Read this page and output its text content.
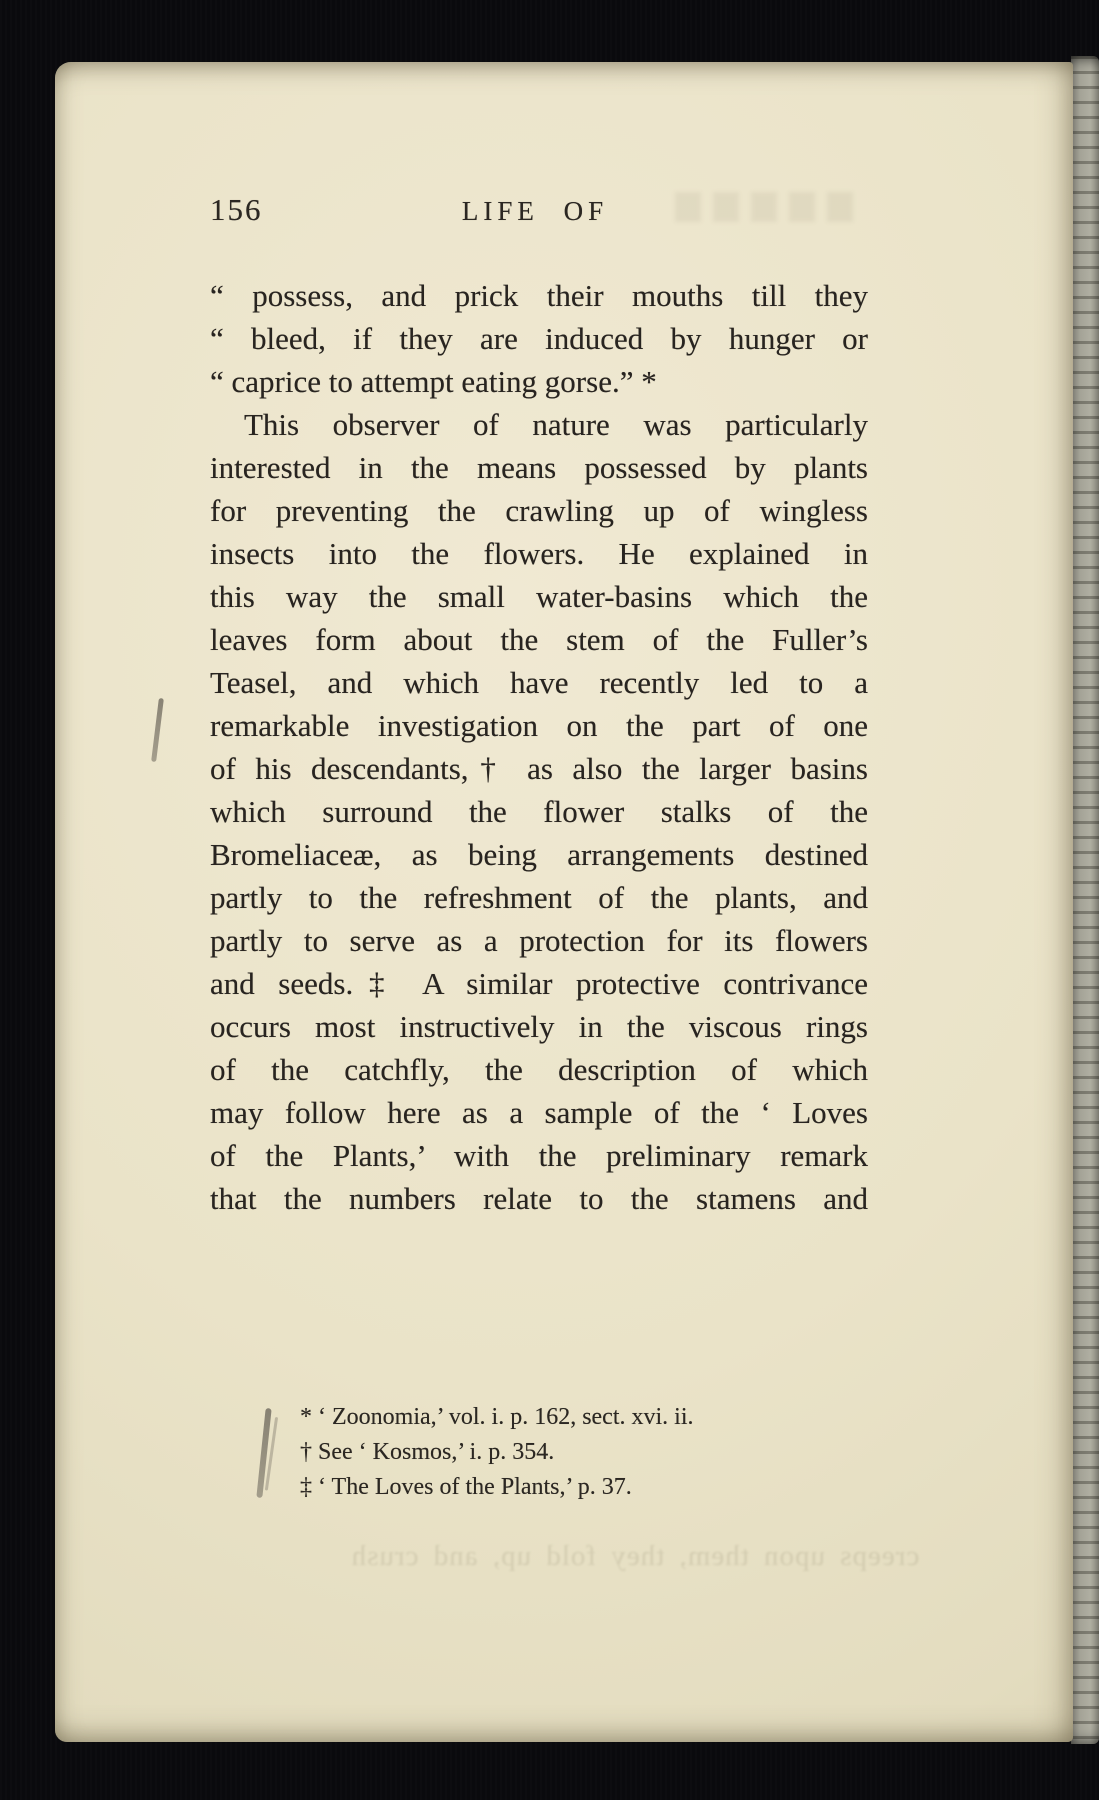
156	LIFE OF
“ possess, and prick their mouths till they
“ bleed, if they are induced by hunger or
“ caprice to attempt eating gorse.” *
This observer of nature was particularly
interested in the means possessed by plants
for preventing the crawling up of wingless
insects into the flowers. He explained in
this way the small water-basins which the
leaves form about the stem of the Fuller’s
Teasel, and which have recently led to a
remarkable investigation on the part of one
of his descendants,† as also the larger basins
which surround the flower stalks of the
Bromeliaceæ, as being arrangements destined
partly to the refreshment of the plants, and
partly to serve as a protection for its flowers
and seeds.‡ A similar protective contrivance
occurs most instructively in the viscous rings
of the catchfly, the description of which
may follow here as a sample of the ‘ Loves
of the Plants,’ with the preliminary remark
that the numbers relate to the stamens and
* ‘ Zoonomia,’ vol. i. p. 162, sect. xvi. ii.
† See ‘ Kosmos,’ i. p. 354.
‡ ‘ The Loves of the Plants,’ p. 37.
creeps upon them, they fold up, and crush
